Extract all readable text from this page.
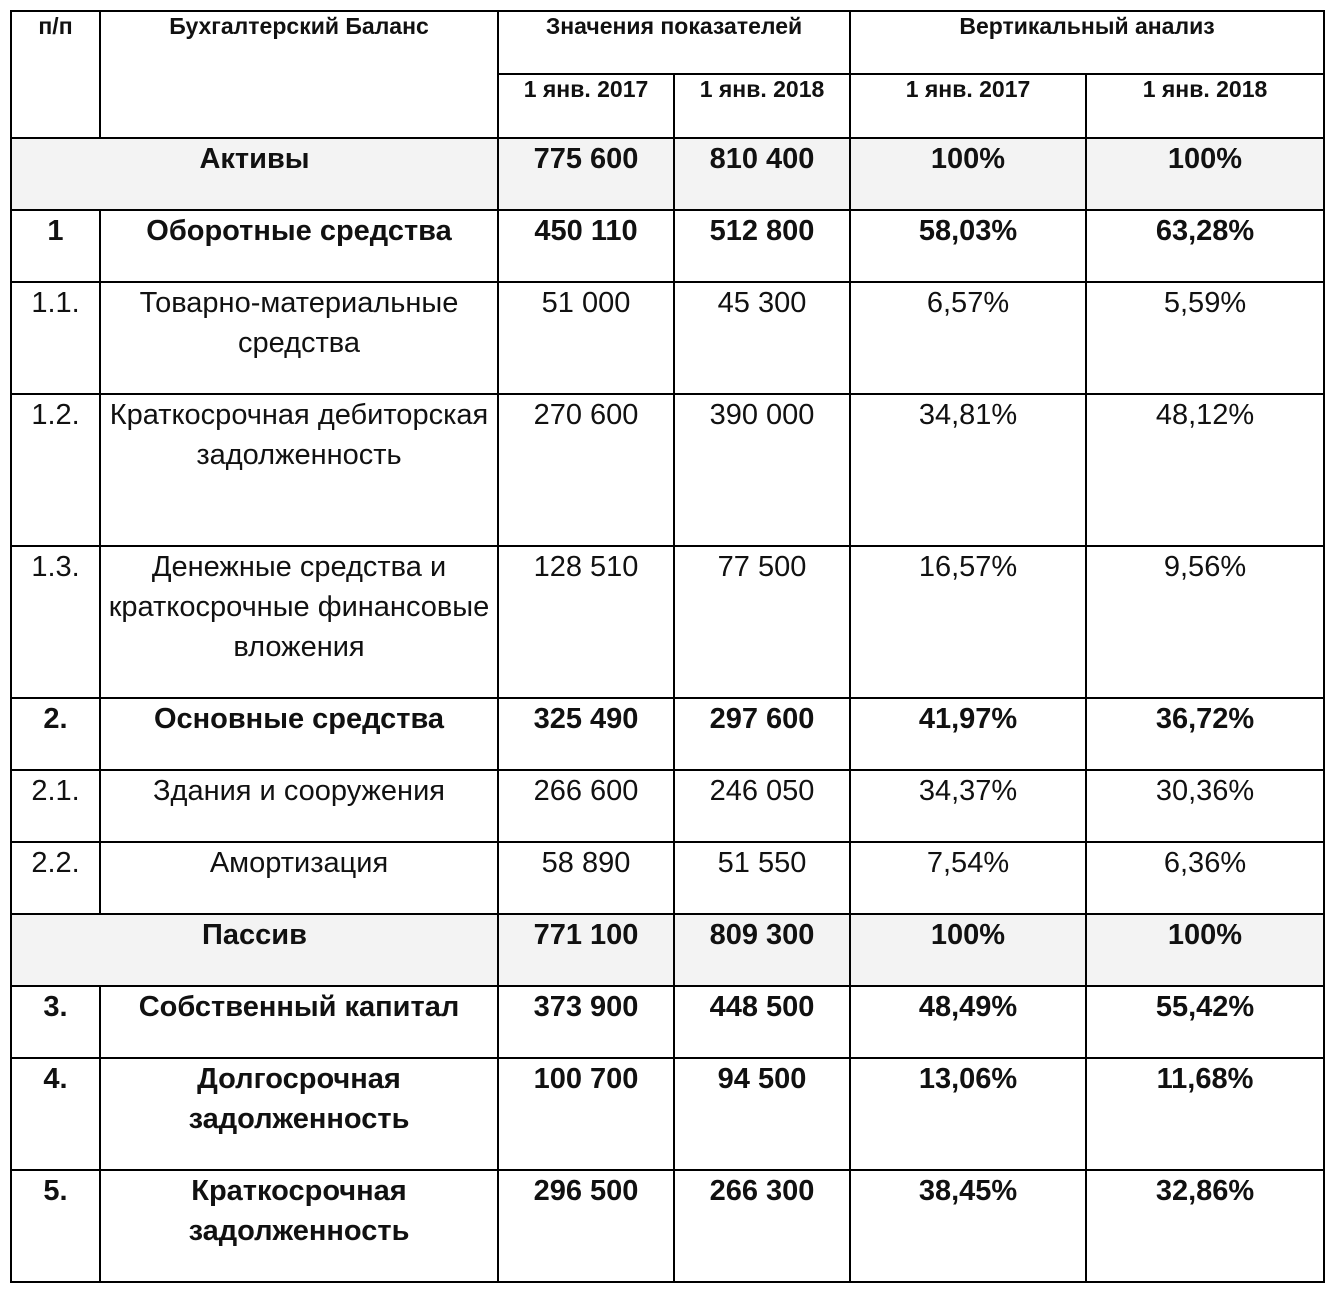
п/п	Бухгалтерский Баланс	Значения показателей		Вертикальный анализ	
		1 янв. 2017	1 янв. 2018	1 янв. 2017	1 янв. 2018
Активы		775 600	810 400	100%	100%
1	Оборотные средства	450 110	512 800	58,03%	63,28%
1.1.	Товарно-материальные средства	51 000	45 300	6,57%	5,59%
1.2.	Краткосрочная дебиторская задолженность	270 600	390 000	34,81%	48,12%
1.3.	Денежные средства и краткосрочные финансовые вложения	128 510	77 500	16,57%	9,56%
2.	Основные средства	325 490	297 600	41,97%	36,72%
2.1.	Здания и сооружения	266 600	246 050	34,37%	30,36%
2.2.	Амортизация	58 890	51 550	7,54%	6,36%
Пассив		771 100	809 300	100%	100%
3.	Собственный капитал	373 900	448 500	48,49%	55,42%
4.	Долгосрочная задолженность	100 700	94 500	13,06%	11,68%
5.	Краткосрочная задолженность	296 500	266 300	38,45%	32,86%
